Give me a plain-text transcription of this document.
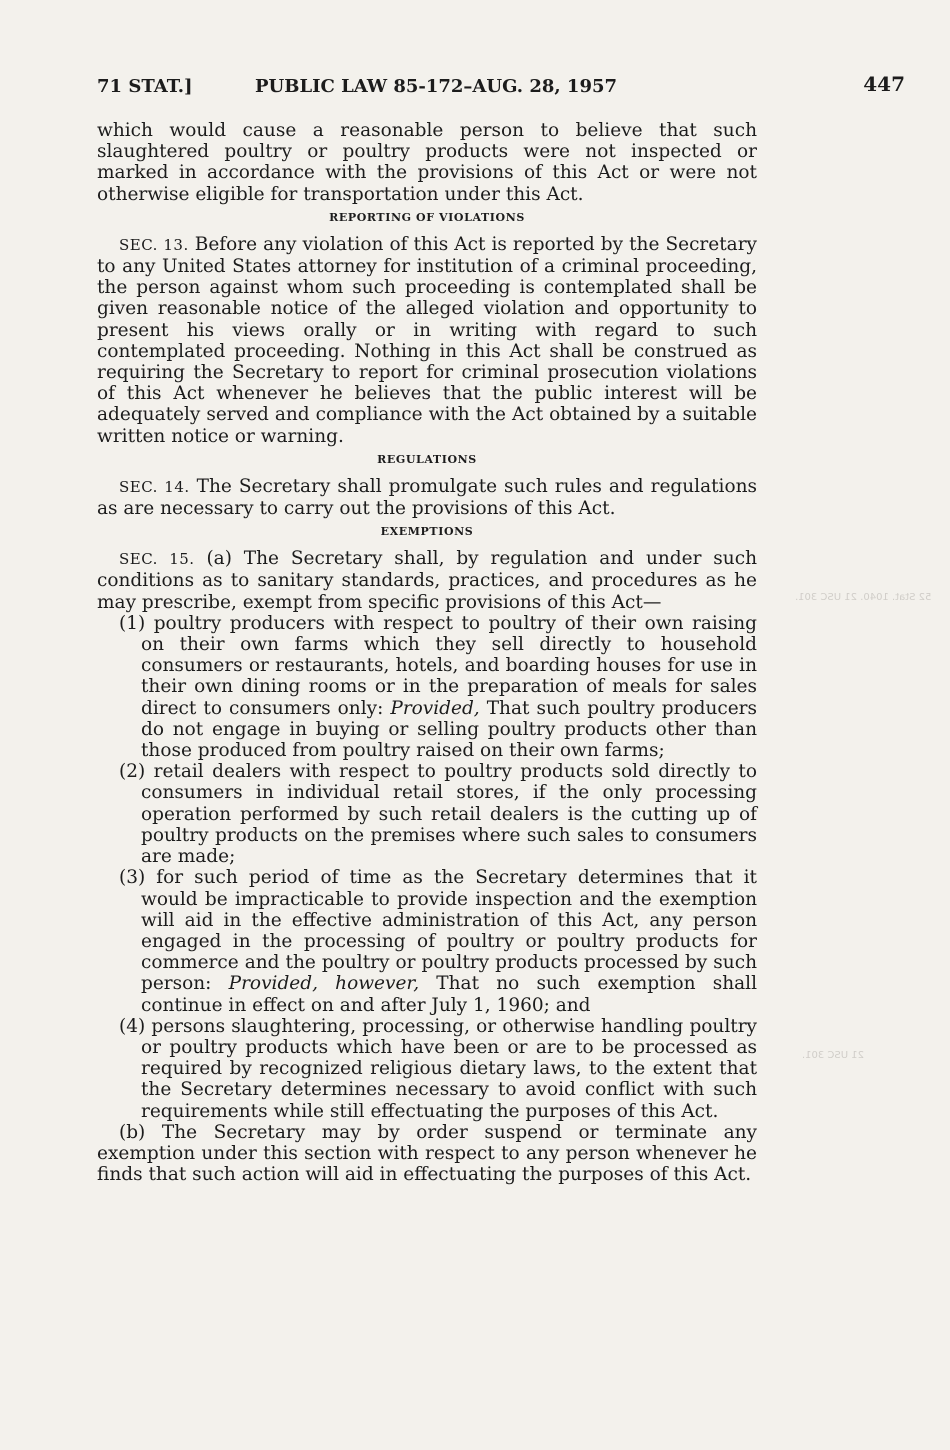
71 STAT.]	PUBLIC LAW 85-172–AUG. 28, 1957	447

which would cause a reasonable person to believe that such slaughtered poultry or poultry products were not inspected or marked in accordance with the provisions of this Act or were not otherwise eligible for transportation under this Act.

REPORTING OF VIOLATIONS

SEC. 13. Before any violation of this Act is reported by the Secretary to any United States attorney for institution of a criminal proceeding, the person against whom such proceeding is contemplated shall be given reasonable notice of the alleged violation and opportunity to present his views orally or in writing with regard to such contemplated proceeding. Nothing in this Act shall be construed as requiring the Secretary to report for criminal prosecution violations of this Act whenever he believes that the public interest will be adequately served and compliance with the Act obtained by a suitable written notice or warning.

REGULATIONS

SEC. 14. The Secretary shall promulgate such rules and regulations as are necessary to carry out the provisions of this Act.

EXEMPTIONS

SEC. 15. (a) The Secretary shall, by regulation and under such conditions as to sanitary standards, practices, and procedures as he may prescribe, exempt from specific provisions of this Act—

(1) poultry producers with respect to poultry of their own raising on their own farms which they sell directly to household consumers or restaurants, hotels, and boarding houses for use in their own dining rooms or in the preparation of meals for sales direct to consumers only: Provided, That such poultry producers do not engage in buying or selling poultry products other than those produced from poultry raised on their own farms;

(2) retail dealers with respect to poultry products sold directly to consumers in individual retail stores, if the only processing operation performed by such retail dealers is the cutting up of poultry products on the premises where such sales to consumers are made;

(3) for such period of time as the Secretary determines that it would be impracticable to provide inspection and the exemption will aid in the effective administration of this Act, any person engaged in the processing of poultry or poultry products for commerce and the poultry or poultry products processed by such person: Provided, however, That no such exemption shall continue in effect on and after July 1, 1960; and

(4) persons slaughtering, processing, or otherwise handling poultry or poultry products which have been or are to be processed as required by recognized religious dietary laws, to the extent that the Secretary determines necessary to avoid conflict with such requirements while still effectuating the purposes of this Act.

(b) The Secretary may by order suspend or terminate any exemption under this section with respect to any person whenever he finds that such action will aid in effectuating the purposes of this Act.

52 Stat. 1040. 21 USC 301.
21 USC 301.
